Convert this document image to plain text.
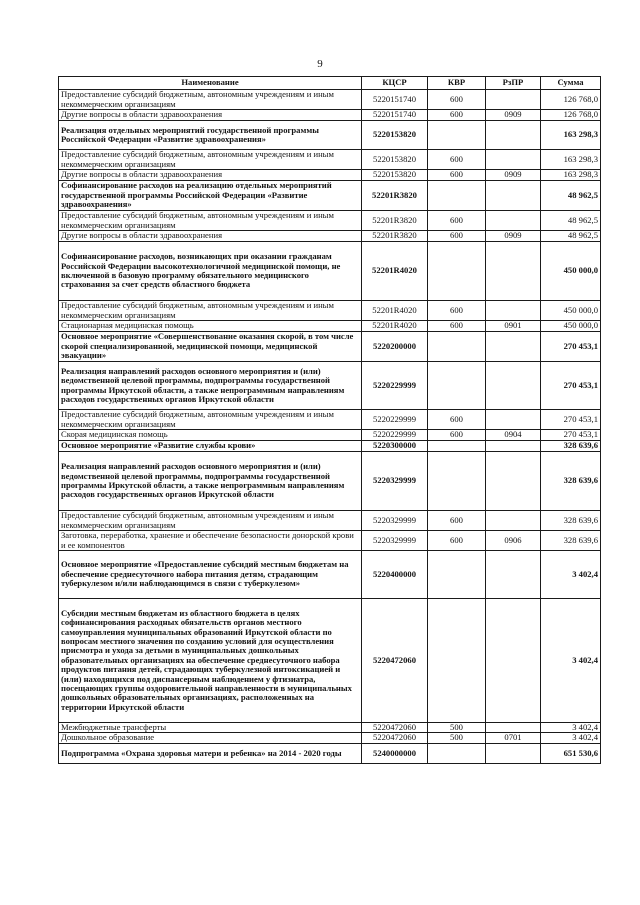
9
Наименование	КЦСР	КВР	РзПР	Сумма
Предоставление субсидий бюджетным, автономным учреждениям и иным некоммерческим организациям	5220151740	600		126 768,0
Другие вопросы в области здравоохранения	5220151740	600	0909	126 768,0
Реализация отдельных мероприятий государственной программы Российской Федерации «Развитие здравоохранения»	5220153820			163 298,3
Предоставление субсидий бюджетным, автономным учреждениям и иным некоммерческим организациям	5220153820	600		163 298,3
Другие вопросы в области здравоохранения	5220153820	600	0909	163 298,3
Софинансирование расходов на реализацию отдельных мероприятий государственной программы Российской Федерации «Развитие здравоохранения»	52201R3820			48 962,5
Предоставление субсидий бюджетным, автономным учреждениям и иным некоммерческим организациям	52201R3820	600		48 962,5
Другие вопросы в области здравоохранения	52201R3820	600	0909	48 962,5
Софинансирование расходов, возникающих при оказании гражданам Российской Федерации высокотехнологичной медицинской помощи, не включенной в базовую программу обязательного медицинского страхования за счет средств областного бюджета	52201R4020			450 000,0
Предоставление субсидий бюджетным, автономным учреждениям и иным некоммерческим организациям	52201R4020	600		450 000,0
Стационарная медицинская помощь	52201R4020	600	0901	450 000,0
Основное мероприятие «Совершенствование оказания скорой, в том числе скорой специализированной, медицинской помощи, медицинской эвакуации»	5220200000			270 453,1
Реализация направлений расходов основного мероприятия и (или) ведомственной целевой программы, подпрограммы государственной программы Иркутской области, а также непрограммным направлениям расходов государственных органов Иркутской области	5220229999			270 453,1
Предоставление субсидий бюджетным, автономным учреждениям и иным некоммерческим организациям	5220229999	600		270 453,1
Скорая медицинская помощь	5220229999	600	0904	270 453,1
Основное мероприятие «Развитие службы крови»	5220300000			328 639,6
Реализация направлений расходов основного мероприятия и (или) ведомственной целевой программы, подпрограммы государственной программы Иркутской области, а также непрограммным направлениям расходов государственных органов Иркутской области	5220329999			328 639,6
Предоставление субсидий бюджетным, автономным учреждениям и иным некоммерческим организациям	5220329999	600		328 639,6
Заготовка, переработка, хранение и обеспечение безопасности донорской крови и ее компонентов	5220329999	600	0906	328 639,6
Основное мероприятие «Предоставление субсидий местным бюджетам на обеспечение среднесуточного набора питания детям, страдающим туберкулезом и/или наблюдающимся в связи с туберкулезом»	5220400000			3 402,4
Субсидии местным бюджетам из областного бюджета в целях софинансирования расходных обязательств органов местного самоуправления муниципальных образований Иркутской области по вопросам местного значения по созданию условий для осуществления присмотра и ухода за детьми в муниципальных дошкольных образовательных организациях на обеспечение среднесуточного набора продуктов питания детей, страдающих туберкулезной интоксикацией и (или) находящихся под диспансерным наблюдением у фтизиатра, посещающих группы оздоровительной направленности в муниципальных дошкольных образовательных организациях, расположенных на территории Иркутской области	5220472060			3 402,4
Межбюджетные трансферты	5220472060	500		3 402,4
Дошкольное образование	5220472060	500	0701	3 402,4
Подпрограмма «Охрана здоровья матери и ребенка» на 2014 - 2020 годы	5240000000			651 530,6
